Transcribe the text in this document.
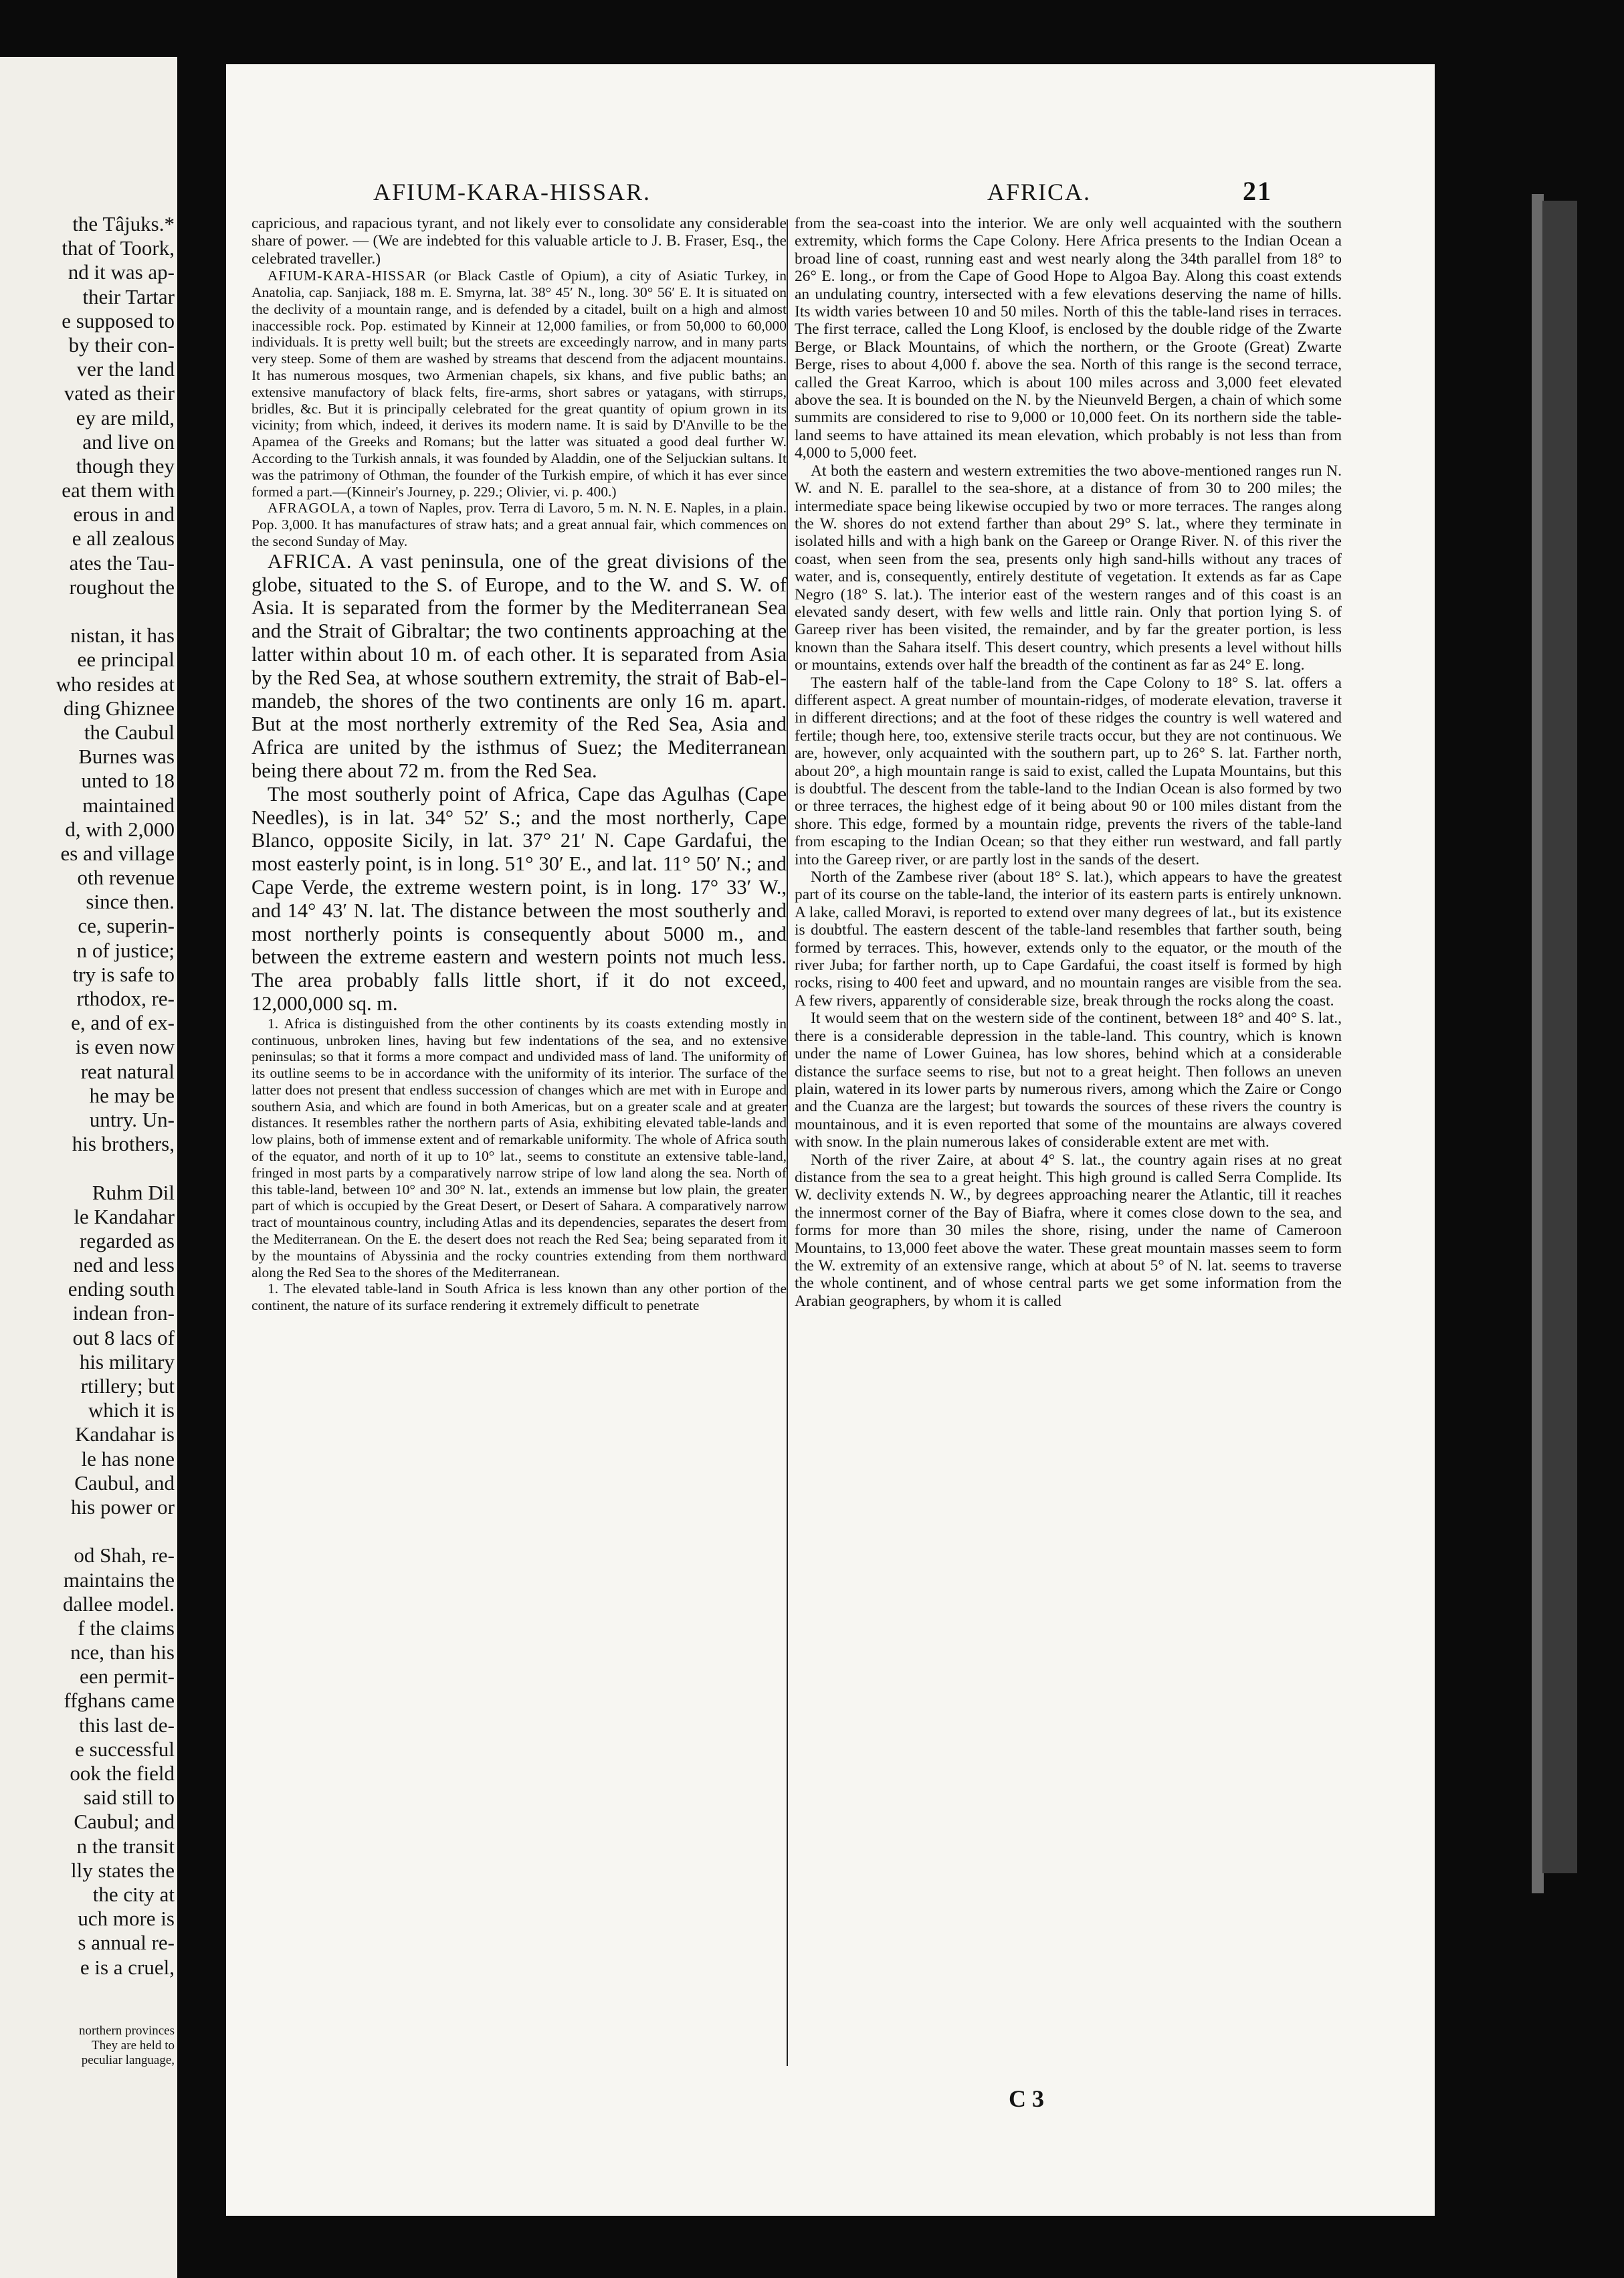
the Tâjuks.*
that of Toork,
nd it was ap-
their Tartar
e supposed to
by their con-
ver the land
vated as their
ey are mild,
and live on
though they
eat them with
erous in and
e all zealous
ates the Tau-
roughout the
nistan, it has
ee principal
who resides at
ding Ghiznee
the Caubul
Burnes was
unted to 18
maintained
d, with 2,000
es and village
oth revenue
since then.
ce, superin-
n of justice;
try is safe to
rthodox, re-
e, and of ex-
is even now
reat natural
he may be
untry. Un-
his brothers,
Ruhm Dil
le Kandahar
regarded as
ned and less
ending south
indean fron-
out 8 lacs of
his military
rtillery; but
which it is
Kandahar is
le has none
Caubul, and
his power or
od Shah, re-
maintains the
dallee model.
f the claims
nce, than his
een permit-
ffghans came
this last de-
e successful
ook the field
said still to
Caubul; and
n the transit
lly states the
the city at
uch more is
s annual re-
e is a cruel,
northern provinces
They are held to
peculiar language,
AFIUM-KARA-HISSAR.	AFRICA.	21

capricious, and rapacious tyrant, and not likely ever to consolidate any considerable share of power. — (We are indebted for this valuable article to J. B. Fraser, Esq., the celebrated traveller.)

AFIUM-KARA-HISSAR (or Black Castle of Opium), a city of Asiatic Turkey, in Anatolia, cap. Sanjiack, 188 m. E. Smyrna, lat. 38° 45′ N., long. 30° 56′ E. It is situated on the declivity of a mountain range, and is defended by a citadel, built on a high and almost inaccessible rock. Pop. estimated by Kinneir at 12,000 families, or from 50,000 to 60,000 individuals. It is pretty well built; but the streets are exceedingly narrow, and in many parts very steep. Some of them are washed by streams that descend from the adjacent mountains. It has numerous mosques, two Armenian chapels, six khans, and five public baths; an extensive manufactory of black felts, fire-arms, short sabres or yatagans, with stirrups, bridles, &c. But it is principally celebrated for the great quantity of opium grown in its vicinity; from which, indeed, it derives its modern name. It is said by D'Anville to be the Apamea of the Greeks and Romans; but the latter was situated a good deal further W. According to the Turkish annals, it was founded by Aladdin, one of the Seljuckian sultans. It was the patrimony of Othman, the founder of the Turkish empire, of which it has ever since formed a part.—(Kinneir's Journey, p. 229.; Olivier, vi. p. 400.)

AFRAGOLA, a town of Naples, prov. Terra di Lavoro, 5 m. N. N. E. Naples, in a plain. Pop. 3,000. It has manufactures of straw hats; and a great annual fair, which commences on the second Sunday of May.

AFRICA. A vast peninsula, one of the great divisions of the globe, situated to the S. of Europe, and to the W. and S. W. of Asia. It is separated from the former by the Mediterranean Sea and the Strait of Gibraltar; the two continents approaching at the latter within about 10 m. of each other. It is separated from Asia by the Red Sea, at whose southern extremity, the strait of Bab-el-mandeb, the shores of the two continents are only 16 m. apart. But at the most northerly extremity of the Red Sea, Asia and Africa are united by the isthmus of Suez; the Mediterranean being there about 72 m. from the Red Sea.

The most southerly point of Africa, Cape das Agulhas (Cape Needles), is in lat. 34° 52′ S.; and the most northerly, Cape Blanco, opposite Sicily, in lat. 37° 21′ N. Cape Gardafui, the most easterly point, is in long. 51° 30′ E., and lat. 11° 50′ N.; and Cape Verde, the extreme western point, is in long. 17° 33′ W., and 14° 43′ N. lat. The distance between the most southerly and most northerly points is consequently about 5000 m., and between the extreme eastern and western points not much less. The area probably falls little short, if it do not exceed, 12,000,000 sq. m.

1. Africa is distinguished from the other continents by its coasts extending mostly in continuous, unbroken lines, having but few indentations of the sea, and no extensive peninsulas; so that it forms a more compact and undivided mass of land. The uniformity of its outline seems to be in accordance with the uniformity of its interior. The surface of the latter does not present that endless succession of changes which are met with in Europe and southern Asia, and which are found in both Americas, but on a greater scale and at greater distances. It resembles rather the northern parts of Asia, exhibiting elevated table-lands and low plains, both of immense extent and of remarkable uniformity. The whole of Africa south of the equator, and north of it up to 10° lat., seems to constitute an extensive table-land, fringed in most parts by a comparatively narrow stripe of low land along the sea. North of this table-land, between 10° and 30° N. lat., extends an immense but low plain, the greater part of which is occupied by the Great Desert, or Desert of Sahara. A comparatively narrow tract of mountainous country, including Atlas and its dependencies, separates the desert from the Mediterranean. On the E. the desert does not reach the Red Sea; being separated from it by the mountains of Abyssinia and the rocky countries extending from them northward along the Red Sea to the shores of the Mediterranean.

1. The elevated table-land in South Africa is less known than any other portion of the continent, the nature of its surface rendering it extremely difficult to penetrate

from the sea-coast into the interior. We are only well acquainted with the southern extremity, which forms the Cape Colony. Here Africa presents to the Indian Ocean a broad line of coast, running east and west nearly along the 34th parallel from 18° to 26° E. long., or from the Cape of Good Hope to Algoa Bay. Along this coast extends an undulating country, intersected with a few elevations deserving the name of hills. Its width varies between 10 and 50 miles. North of this the table-land rises in terraces. The first terrace, called the Long Kloof, is enclosed by the double ridge of the Zwarte Berge, or Black Mountains, of which the northern, or the Groote (Great) Zwarte Berge, rises to about 4,000 f. above the sea. North of this range is the second terrace, called the Great Karroo, which is about 100 miles across and 3,000 feet elevated above the sea. It is bounded on the N. by the Nieunveld Bergen, a chain of which some summits are considered to rise to 9,000 or 10,000 feet. On its northern side the table-land seems to have attained its mean elevation, which probably is not less than from 4,000 to 5,000 feet.

At both the eastern and western extremities the two above-mentioned ranges run N. W. and N. E. parallel to the sea-shore, at a distance of from 30 to 200 miles; the intermediate space being likewise occupied by two or more terraces. The ranges along the W. shores do not extend farther than about 29° S. lat., where they terminate in isolated hills and with a high bank on the Gareep or Orange River. N. of this river the coast, when seen from the sea, presents only high sand-hills without any traces of water, and is, consequently, entirely destitute of vegetation. It extends as far as Cape Negro (18° S. lat.). The interior east of the western ranges and of this coast is an elevated sandy desert, with few wells and little rain. Only that portion lying S. of Gareep river has been visited, the remainder, and by far the greater portion, is less known than the Sahara itself. This desert country, which presents a level without hills or mountains, extends over half the breadth of the continent as far as 24° E. long.

The eastern half of the table-land from the Cape Colony to 18° S. lat. offers a different aspect. A great number of mountain-ridges, of moderate elevation, traverse it in different directions; and at the foot of these ridges the country is well watered and fertile; though here, too, extensive sterile tracts occur, but they are not continuous. We are, however, only acquainted with the southern part, up to 26° S. lat. Farther north, about 20°, a high mountain range is said to exist, called the Lupata Mountains, but this is doubtful. The descent from the table-land to the Indian Ocean is also formed by two or three terraces, the highest edge of it being about 90 or 100 miles distant from the shore. This edge, formed by a mountain ridge, prevents the rivers of the table-land from escaping to the Indian Ocean; so that they either run westward, and fall partly into the Gareep river, or are partly lost in the sands of the desert.

North of the Zambese river (about 18° S. lat.), which appears to have the greatest part of its course on the table-land, the interior of its eastern parts is entirely unknown. A lake, called Moravi, is reported to extend over many degrees of lat., but its existence is doubtful. The eastern descent of the table-land resembles that farther south, being formed by terraces. This, however, extends only to the equator, or the mouth of the river Juba; for farther north, up to Cape Gardafui, the coast itself is formed by high rocks, rising to 400 feet and upward, and no mountain ranges are visible from the sea. A few rivers, apparently of considerable size, break through the rocks along the coast.

It would seem that on the western side of the continent, between 18° and 40° S. lat., there is a considerable depression in the table-land. This country, which is known under the name of Lower Guinea, has low shores, behind which at a considerable distance the surface seems to rise, but not to a great height. Then follows an uneven plain, watered in its lower parts by numerous rivers, among which the Zaire or Congo and the Cuanza are the largest; but towards the sources of these rivers the country is mountainous, and it is even reported that some of the mountains are always covered with snow. In the plain numerous lakes of considerable extent are met with.

North of the river Zaire, at about 4° S. lat., the country again rises at no great distance from the sea to a great height. This high ground is called Serra Complide. Its W. declivity extends N. W., by degrees approaching nearer the Atlantic, till it reaches the innermost corner of the Bay of Biafra, where it comes close down to the sea, and forms for more than 30 miles the shore, rising, under the name of Cameroon Mountains, to 13,000 feet above the water. These great mountain masses seem to form the W. extremity of an extensive range, which at about 5° of N. lat. seems to traverse the whole continent, and of whose central parts we get some information from the Arabian geographers, by whom it is called

C 3
